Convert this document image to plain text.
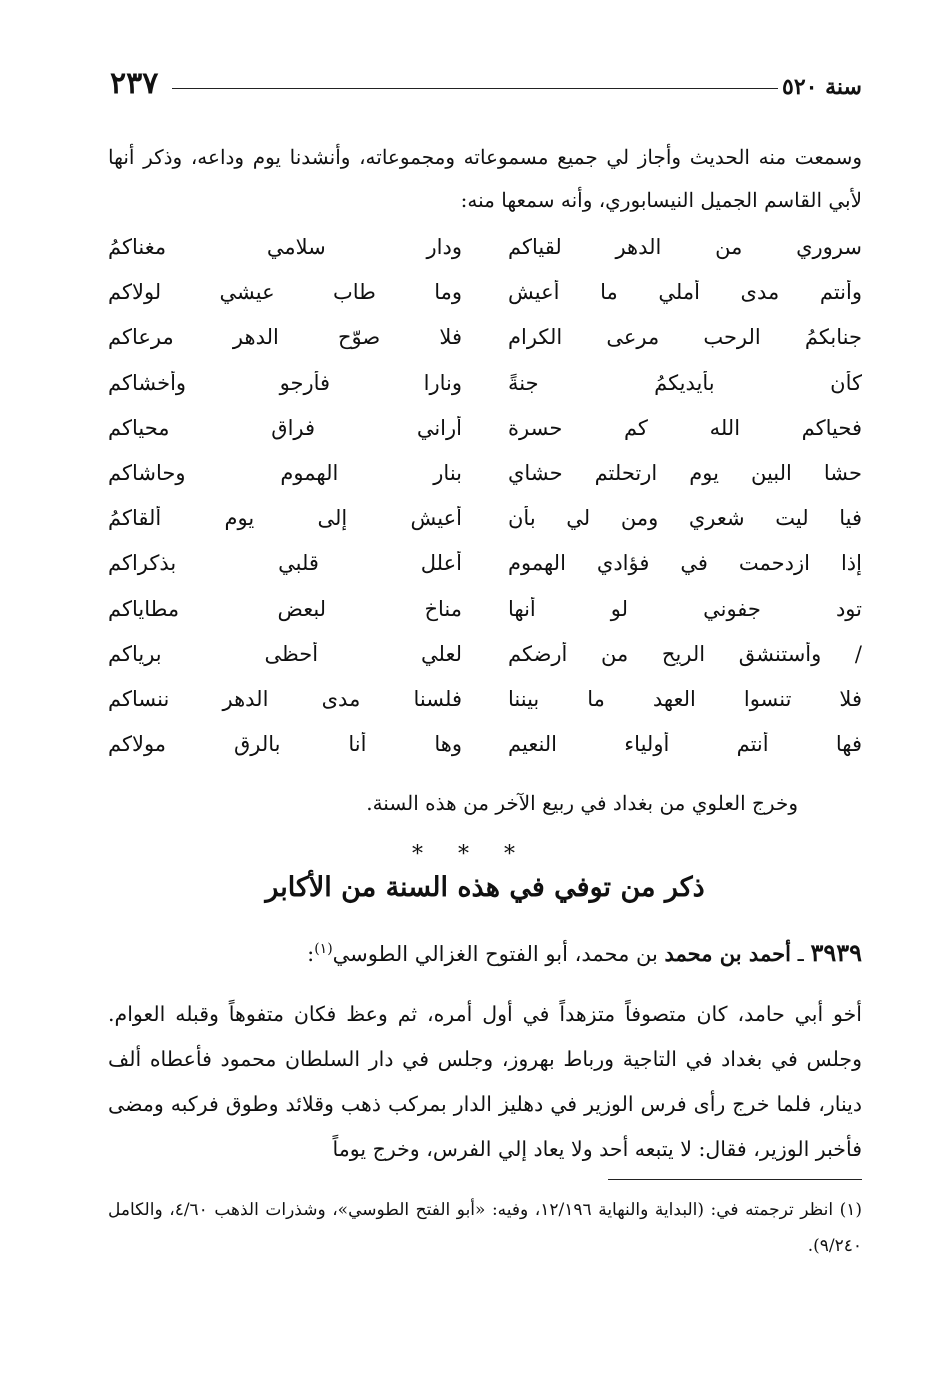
٢٣٧	سنة ٥٢٠
وسمعت منه الحديث وأجاز لي جميع مسموعاته ومجموعاته، وأنشدنا يوم وداعه، وذكر أنها لأبي القاسم الجميل النيسابوري، وأنه سمعها منه:
سروري من الدهر لقياكم
ودار سلامي مغناكمُ
وأنتم مدى أملي ما أعيش
وما طاب عيشي لولاكم
جنابكمُ الرحب مرعى الكرام
فلا صوّح الدهر مرعاكم
كأن بأيديكمُ جنةً
ونارا فأرجو وأخشاكم
فحياكم الله كم حسرة
أراني فراق محياكم
حشا البين يوم ارتحلتم حشاي
بنار الهموم وحاشاكم
فيا ليت شعري ومن لي بأن
أعيش إلى يوم ألقاكمُ
إذا ازدحمت في فؤادي الهموم
أعلل قلبي بذكراكم
تود جفوني لو أنها
مناخ لبعض مطاياكم
/ وأستنشق الريح من أرضكم
لعلي أحظى برياكم
فلا تنسوا العهد ما بيننا
فلسنا مدى الدهر ننساكم
فها أنتم أولياء النعيم
وها أنا بالرق مولاكم
وخرج العلوي من بغداد في ربيع الآخر من هذه السنة.
* * *
ذكر من توفي في هذه السنة من الأكابر
٣٩٣٩ ـ أحمد بن محمد بن محمد، أبو الفتوح الغزالي الطوسي$^{(١)}$:
أخو أبي حامد، كان متصوفاً متزهداً في أول أمره، ثم وعظ فكان متفوهاً وقبله العوام. وجلس في بغداد في التاجية ورباط بهروز، وجلس في دار السلطان محمود فأعطاه ألف دينار، فلما خرج رأى فرس الوزير في دهليز الدار بمركب ذهب وقلائد وطوق فركبه ومضى فأخبر الوزير، فقال: لا يتبعه أحد ولا يعاد إلي الفرس، وخرج يوماً
(١) انظر ترجمته في: (البداية والنهاية ١٢/١٩٦، وفيه: «أبو الفتح الطوسي»، وشذرات الذهب ٤/٦٠، والكامل ٩/٢٤٠).
